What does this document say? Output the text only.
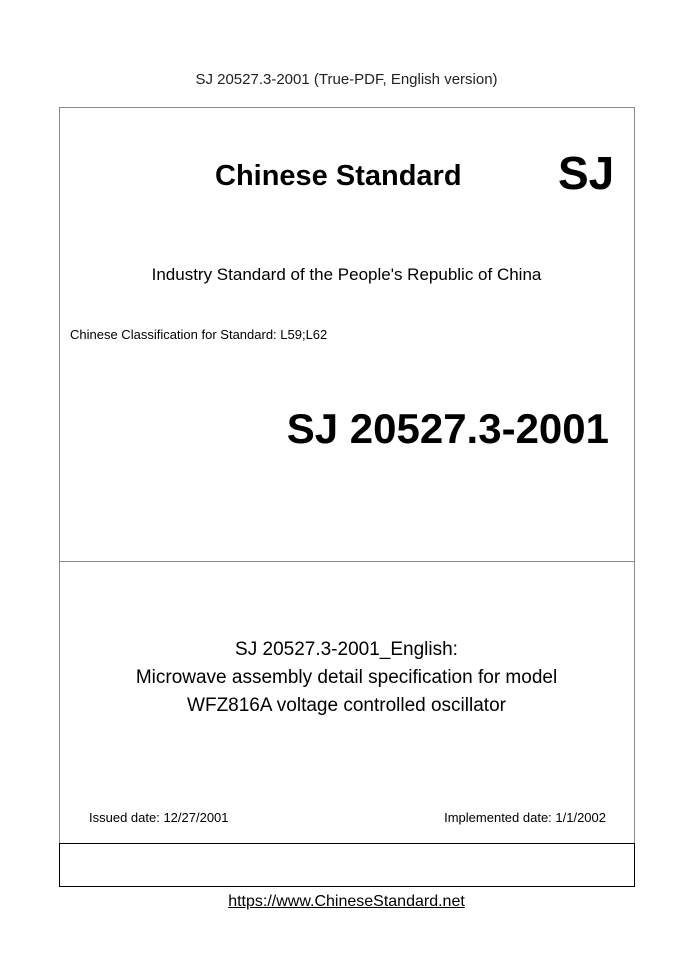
SJ 20527.3-2001 (True-PDF, English version)
Chinese Standard SJ
Industry Standard of the People's Republic of China
Chinese Classification for Standard: L59;L62
SJ 20527.3-2001
SJ 20527.3-2001_English:
Microwave assembly detail specification for model
WFZ816A voltage controlled oscillator
Issued date: 12/27/2001	Implemented date: 1/1/2002
https://www.ChineseStandard.net
